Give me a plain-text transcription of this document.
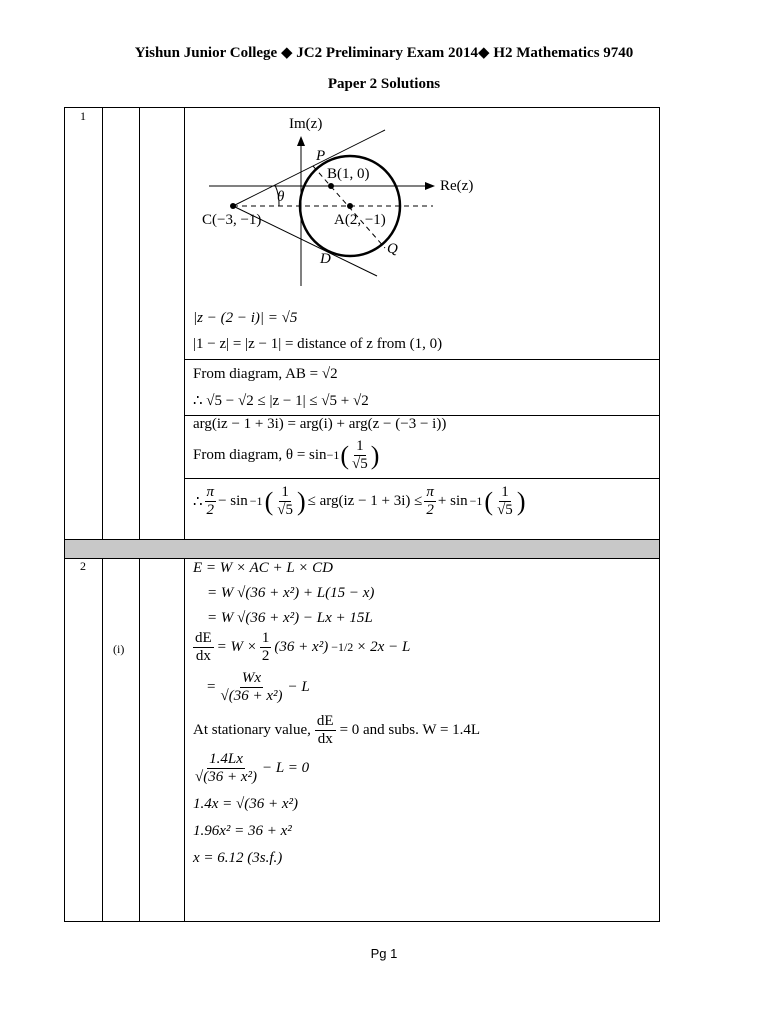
Yishun Junior College ◆ JC2 Preliminary Exam 2014◆ H2 Mathematics 9740
Paper 2 Solutions
1	Im(z)
P
B(1, 0)
Re(z)
θ
C(−3, −1)	A(2, −1)
Q
D
|z − (2 − i)| = √5
|1 − z| = |z − 1| = distance of z from (1, 0)
From diagram, AB = √2
∴ √5 − √2 ≤ |z − 1| ≤ √5 + √2
arg(iz − 1 + 3i) = arg(i) + arg(z − (−3 − i))
From diagram, θ = sin −1 ( $\frac{1}{√5}$ )
∴ $\frac{\pi}{2} - \sin -1$ ( $\frac{1}{√5}$ ) ≤ $arg(iz - 1 + 3i) \le \frac{\pi}{2} + \sin -1$ ( $\frac{1}{√5}$ )
2
(i)
E = W × AC + L × CD
= W √(36 + x²) + L(15 − x)
= W √(36 + x²) − Lx + 15L
$\frac{dE}{dx} = W \times \frac{1}{2} (36 + x^2) -1/2 \times 2x - L$
= $\frac{Wx}{\text{√(36 + x²)}} - L$
At stationary value, $\frac{dE}{dx} = 0$ and subs. W = 1.4L
$\frac{1.4Lx}{\text{√(36 + x²)}} - L = 0$
1.4x = √(36 + x²)
1.96x² = 36 + x²
x = 6.12 (3s.f.)
Pg 1
